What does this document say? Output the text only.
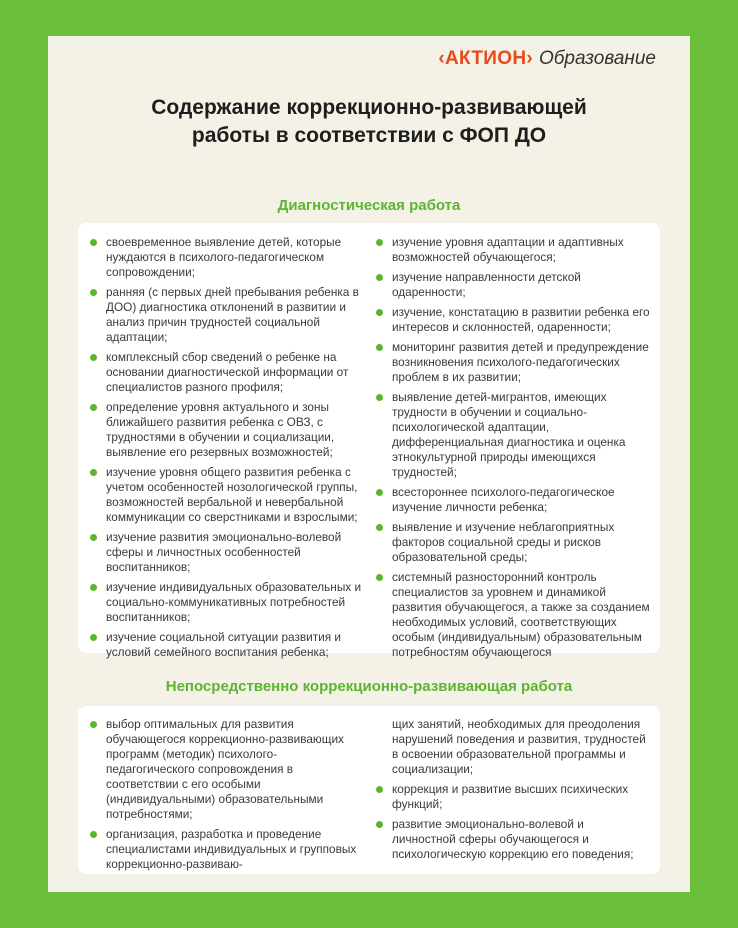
‹АКТИОН› Образование
Содержание коррекционно-развивающей
работы в соответствии с ФОП ДО
Диагностическая работа
своевременное выявление детей, которые нуждаются в психолого-педагогическом сопровождении;
ранняя (с первых дней пребывания ребенка в ДОО) диагностика отклонений в развитии и анализ причин трудностей социальной адаптации;
комплексный сбор сведений о ребенке на основании диагностической информации от специалистов разного профиля;
определение уровня актуального и зоны ближайшего развития ребенка с ОВЗ, с трудностями в обучении и социализации, выявление его резервных возможностей;
изучение уровня общего развития ребенка с учетом особенностей нозологической группы, возможностей вербальной и невербальной коммуникации со сверстниками и взрослыми;
изучение развития эмоционально-волевой сферы и личностных особенностей воспитанников;
изучение индивидуальных образовательных и социально-коммуникативных потребностей воспитанников;
изучение социальной ситуации развития и условий семейного воспитания ребенка;
изучение уровня адаптации и адаптивных возможностей обучающегося;
изучение направленности детской одаренности;
изучение, констатацию в развитии ребенка его интересов и склонностей, одаренности;
мониторинг развития детей и предупреждение возникновения психолого-педагогических проблем в их развитии;
выявление детей-мигрантов, имеющих трудности в обучении и социально-психологической адаптации, дифференциальная диагностика и оценка этнокультурной природы имеющихся трудностей;
всестороннее психолого-педагогическое изучение личности ребенка;
выявление и изучение неблагоприятных факторов социальной среды и рисков образовательной среды;
системный разносторонний контроль специалистов за уровнем и динамикой развития обучающегося, а также за созданием необходимых условий, соответствующих особым (индивидуальным) образовательным потребностям обучающегося
Непосредственно коррекционно-развивающая работа
выбор оптимальных для развития обучающегося коррекционно-развивающих программ (методик) психолого-педагогического сопровождения в соответствии с его особыми (индивидуальными) образовательными потребностями;
организация, разработка и проведение специалистами индивидуальных и групповых коррекционно-развиваю-
щих занятий, необходимых для преодоления нарушений поведения и развития, трудностей в освоении образовательной программы и социализации;
коррекция и развитие высших психических функций;
развитие эмоционально-волевой и личностной сферы обучающегося и психологическую коррекцию его поведения;
